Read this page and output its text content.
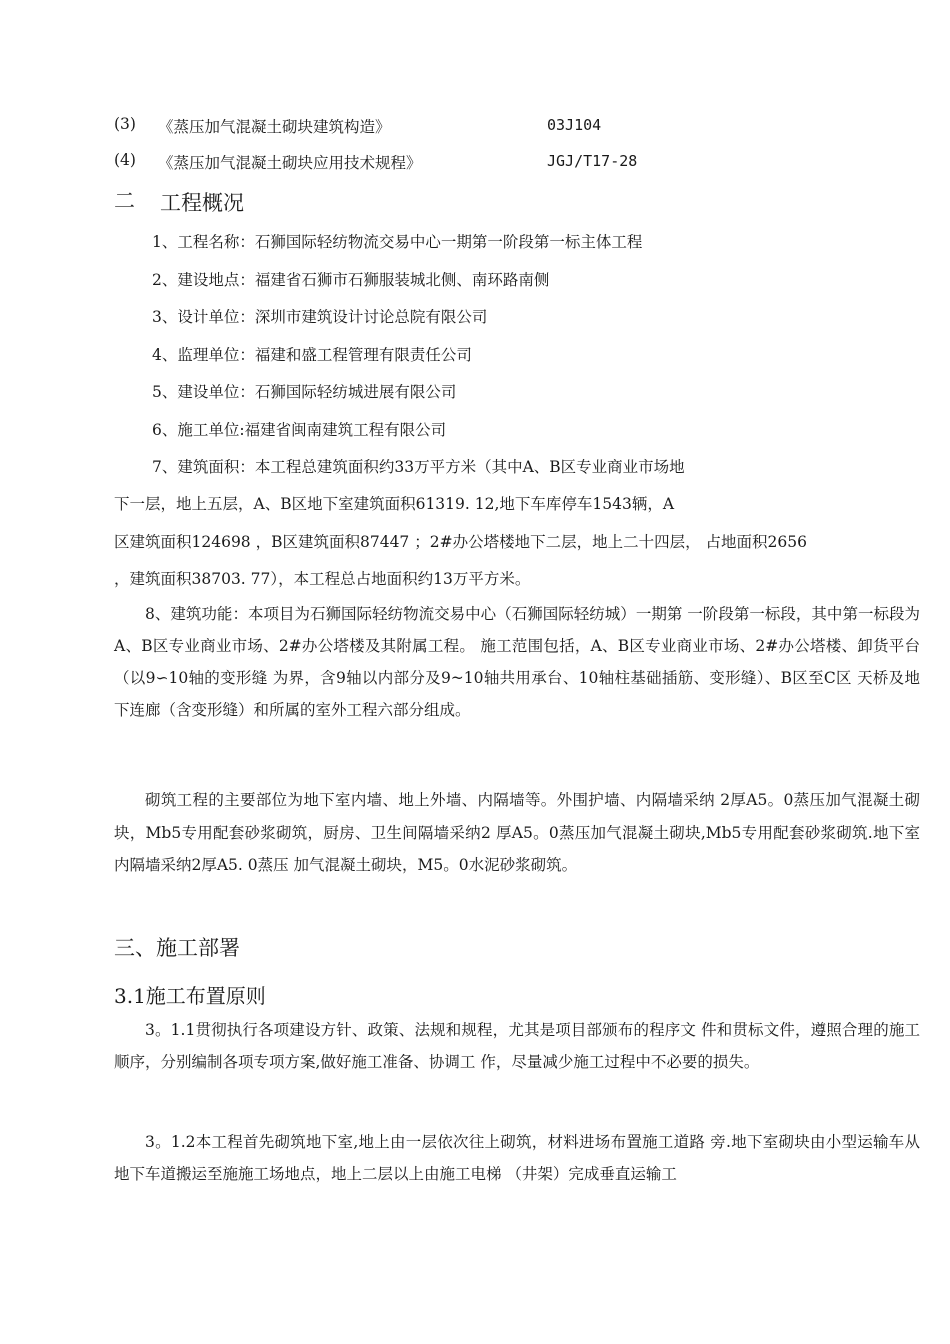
(3) 《蒸压加气混凝土砌块建筑构造》	03J104
(4) 《蒸压加气混凝土砌块应用技术规程》	JGJ/T17-28
二 工程概况
1、工程名称：石狮国际轻纺物流交易中心一期第一阶段第一标主体工程
2、建设地点：福建省石狮市石狮服装城北侧、南环路南侧
3、设计单位：深圳市建筑设计讨论总院有限公司
4、监理单位：福建和盛工程管理有限责任公司
5、建设单位：石狮国际轻纺城进展有限公司
6、施工单位:福建省闽南建筑工程有限公司
7、建筑面积：本工程总建筑面积约33万平方米（其中A、B区专业商业市场地
下一层，地上五层，A、B区地下室建筑面积61319. 12,地下车库停车1543辆，A
区建筑面积124698 ，B区建筑面积87447 ；2#办公塔楼地下二层，地上二十四层， 占地面积2656
，建筑面积38703. 77），本工程总占地面积约13万平方米。

8、建筑功能：本项目为石狮国际轻纺物流交易中心（石狮国际轻纺城）一期第 一阶段第一标段，其中第一标段为A、B区专业商业市场、2#办公塔楼及其附属工程。 施工范围包括，A、B区专业商业市场、2#办公塔楼、卸货平台（以9∽10轴的变形缝 为界，含9轴以内部分及9~10轴共用承台、10轴柱基础插筋、变形缝）、B区至C区 天桥及地下连廊（含变形缝）和所属的室外工程六部分组成。

砌筑工程的主要部位为地下室内墙、地上外墙、内隔墙等。外围护墙、内隔墙采纳 2厚A5。0蒸压加气混凝土砌块，Mb5专用配套砂浆砌筑，厨房、卫生间隔墙采纳2 厚A5。0蒸压加气混凝土砌块,Mb5专用配套砂浆砌筑.地下室内隔墙采纳2厚A5. 0蒸压 加气混凝土砌块，M5。0水泥砂浆砌筑。

三、施工部署
3.1施工布置原则

3。1.1贯彻执行各项建设方针、政策、法规和规程，尤其是项目部颁布的程序文 件和贯标文件，遵照合理的施工顺序，分别编制各项专项方案,做好施工准备、协调工 作，尽量减少施工过程中不必要的损失。

3。1.2本工程首先砌筑地下室,地上由一层依次往上砌筑，材料进场布置施工道路 旁.地下室砌块由小型运输车从地下车道搬运至施施工场地点，地上二层以上由施工电梯 （井架）完成垂直运输工
